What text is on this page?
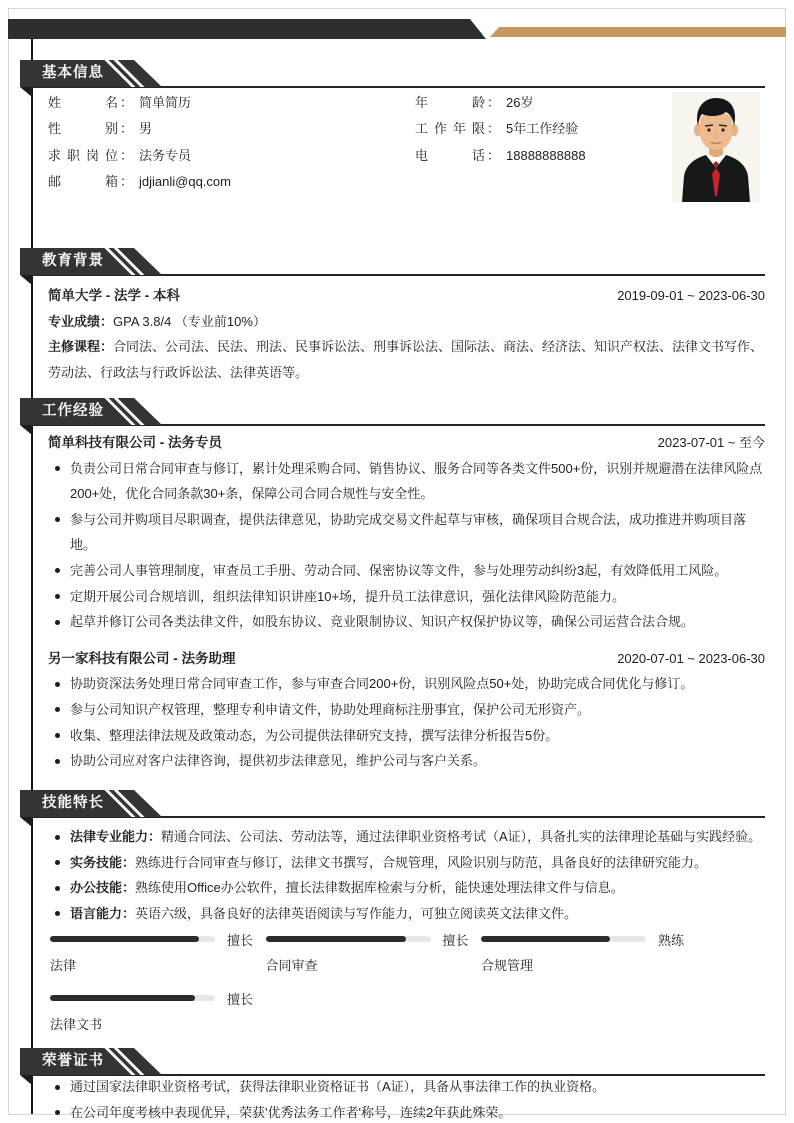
基本信息
姓名 ： 简单简历
性别 ： 男
求职岗位 ： 法务专员
邮箱 ： jdjianli@qq.com
年龄 ： 26岁
工作年限 ： 5年工作经验
电话 ： 18888888888
教育背景
简单大学 - 法学 - 本科	2019-09-01 ~ 2023-06-30
专业成绩：GPA 3.8/4 （专业前10%）
主修课程：合同法、公司法、民法、刑法、民事诉讼法、刑事诉讼法、国际法、商法、经济法、知识产权法、法律文书写作、劳动法、行政法与行政诉讼法、法律英语等。
工作经验
简单科技有限公司 - 法务专员	2023-07-01 ~ 至今
负责公司日常合同审查与修订，累计处理采购合同、销售协议、服务合同等各类文件500+份，识别并规避潜在法律风险点200+处，优化合同条款30+条，保障公司合同合规性与安全性。
参与公司并购项目尽职调查，提供法律意见，协助完成交易文件起草与审核，确保项目合规合法，成功推进并购项目落地。
完善公司人事管理制度，审查员工手册、劳动合同、保密协议等文件，参与处理劳动纠纷3起，有效降低用工风险。
定期开展公司合规培训，组织法律知识讲座10+场，提升员工法律意识，强化法律风险防范能力。
起草并修订公司各类法律文件，如股东协议、竞业限制协议、知识产权保护协议等，确保公司运营合法合规。
另一家科技有限公司 - 法务助理	2020-07-01 ~ 2023-06-30
协助资深法务处理日常合同审查工作，参与审查合同200+份，识别风险点50+处，协助完成合同优化与修订。
参与公司知识产权管理，整理专利申请文件，协助处理商标注册事宜，保护公司无形资产。
收集、整理法律法规及政策动态，为公司提供法律研究支持，撰写法律分析报告5份。
协助公司应对客户法律咨询，提供初步法律意见，维护公司与客户关系。
技能特长
法律专业能力：精通合同法、公司法、劳动法等，通过法律职业资格考试（A证），具备扎实的法律理论基础与实践经验。
实务技能：熟练进行合同审查与修订，法律文书撰写，合规管理，风险识别与防范，具备良好的法律研究能力。
办公技能：熟练使用Office办公软件，擅长法律数据库检索与分析，能快速处理法律文件与信息。
语言能力：英语六级，具备良好的法律英语阅读与写作能力，可独立阅读英文法律文件。
擅长
法律
擅长
合同审查
熟练
合规管理
擅长
法律文书
荣誉证书
通过国家法律职业资格考试，获得法律职业资格证书（A证），具备从事法律工作的执业资格。
在公司年度考核中表现优异，荣获'优秀法务工作者'称号，连续2年获此殊荣。
